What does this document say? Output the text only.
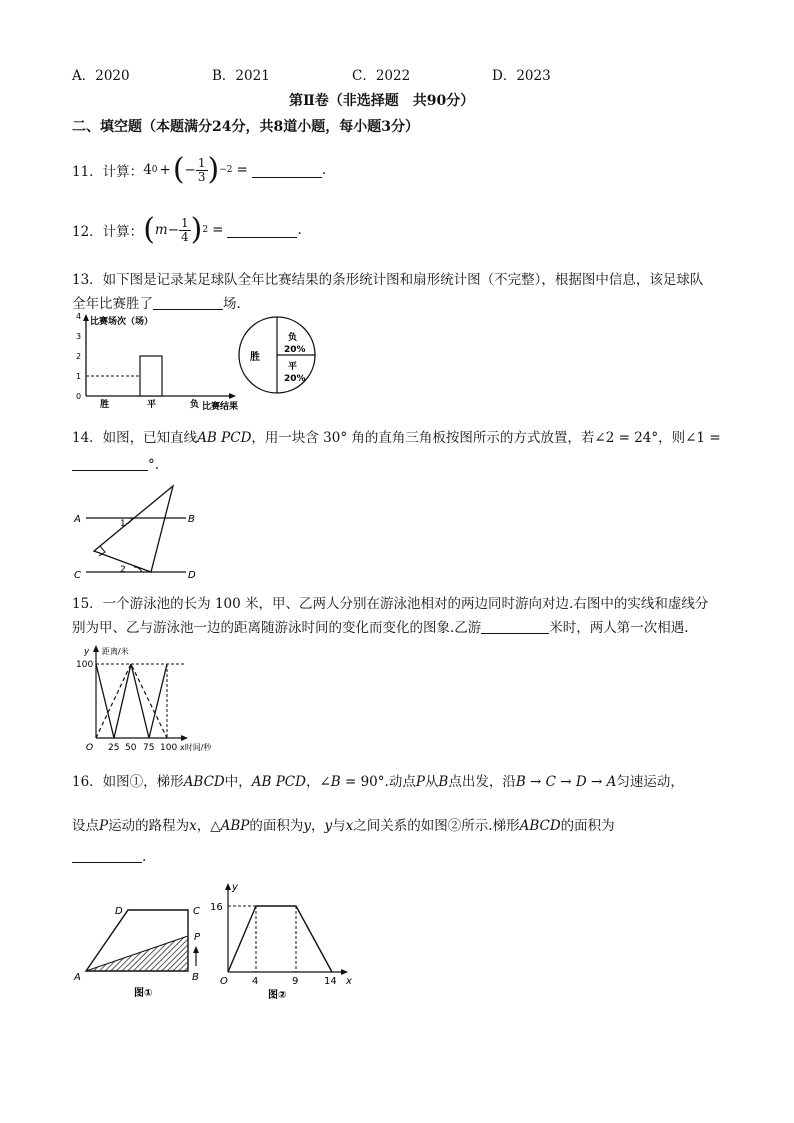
A．2020	B．2021	C．2022	D．2023
第Ⅱ卷（非选择题　共90分）
二、填空题（本题满分24分，共8道小题，每小题3分）
11．计算： 4 0 + ( − $\frac{1}{3}$ ) −2 =	.
12．计算： ( $m - \frac{1}{4}$ ) 2 =	.
13．如下图是记录某足球队全年比赛结果的条形统计图和扇形统计图（不完整），根据图中信息，该足球队
全年比赛胜了	场.
比赛场次（场）
0
1
2
3
4
胜	平	负 比赛结果
胜
负
20%
平
20%
14．如图，已知直线AB PCD，用一块含 30° 角的直角三角板按图所示的方式放置，若∠2 = 24°，则∠1 =
°.
A	B
C	D
1
2
15．一个游泳池的长为 100 米，甲、乙两人分别在游泳池相对的两边同时游向对边.右图中的实线和虚线分
别为甲、乙与游泳池一边的距离随游泳时间的变化而变化的图象.乙游	米时，两人第一次相遇.
y 距离/米
100
O 25 50 75 100 x时间/秒
16．如图①，梯形ABCD中，AB PCD，∠B = 90°.动点P从B点出发，沿B → C → D → A匀速运动，
设点P运动的路程为x，△ABP的面积为y，y与x之间关系的如图②所示.梯形ABCD的面积为
.
D	C
P
A	B
图①
y
16
O 4	9	14 x
图②
